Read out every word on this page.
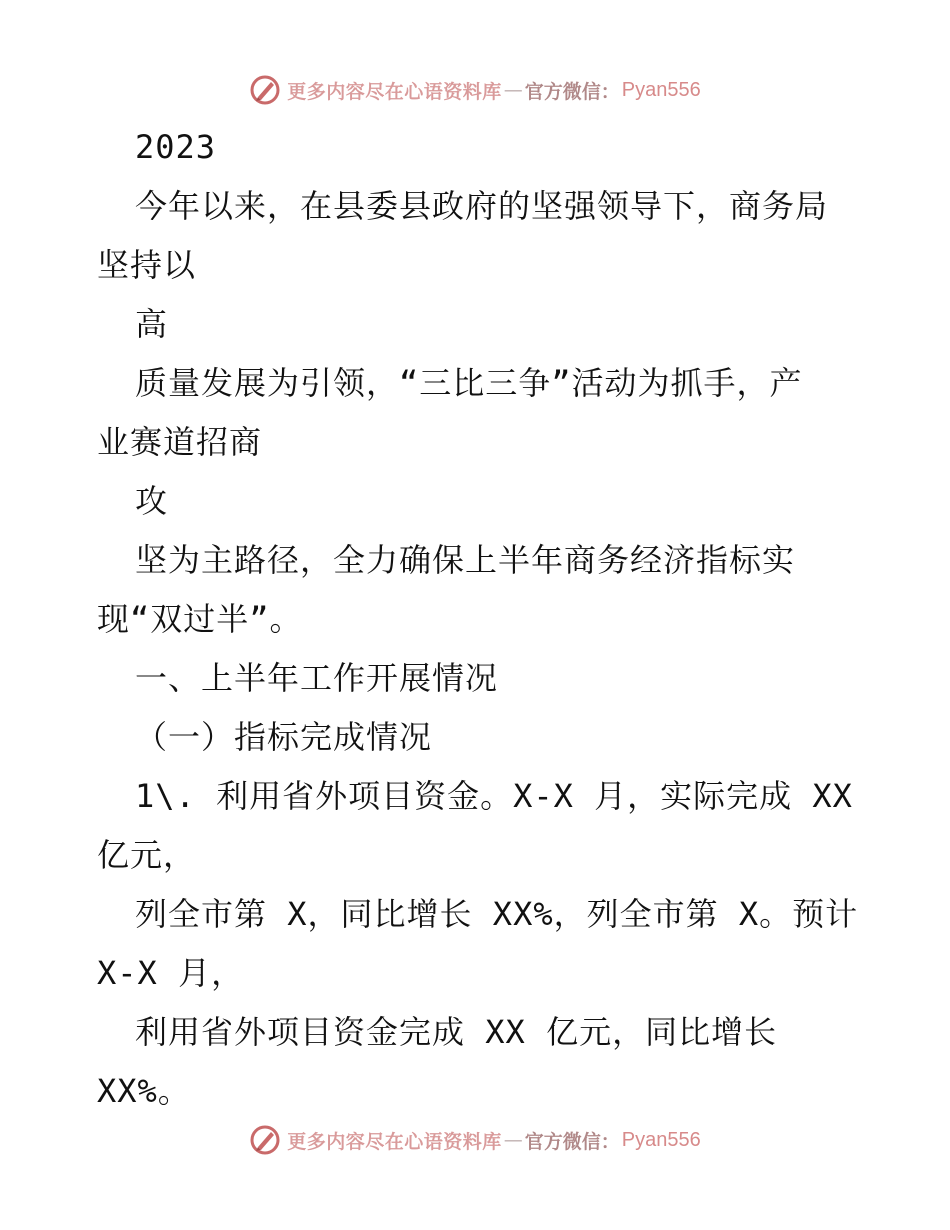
更多内容尽在心语资料库 — 官方微信： Pyan556
2023
今年以来，在县委县政府的坚强领导下，商务局
坚持以
高
质量发展为引领，“三比三争”活动为抓手，产
业赛道招商
攻
坚为主路径，全力确保上半年商务经济指标实
现“双过半”。
一、上半年工作开展情况
（一）指标完成情况
1\. 利用省外项目资金。X-X 月，实际完成 XX
亿元，
列全市第 X，同比增长 XX%，列全市第 X。预计
X-X 月，
利用省外项目资金完成 XX 亿元，同比增长
XX%。
更多内容尽在心语资料库 — 官方微信： Pyan556
